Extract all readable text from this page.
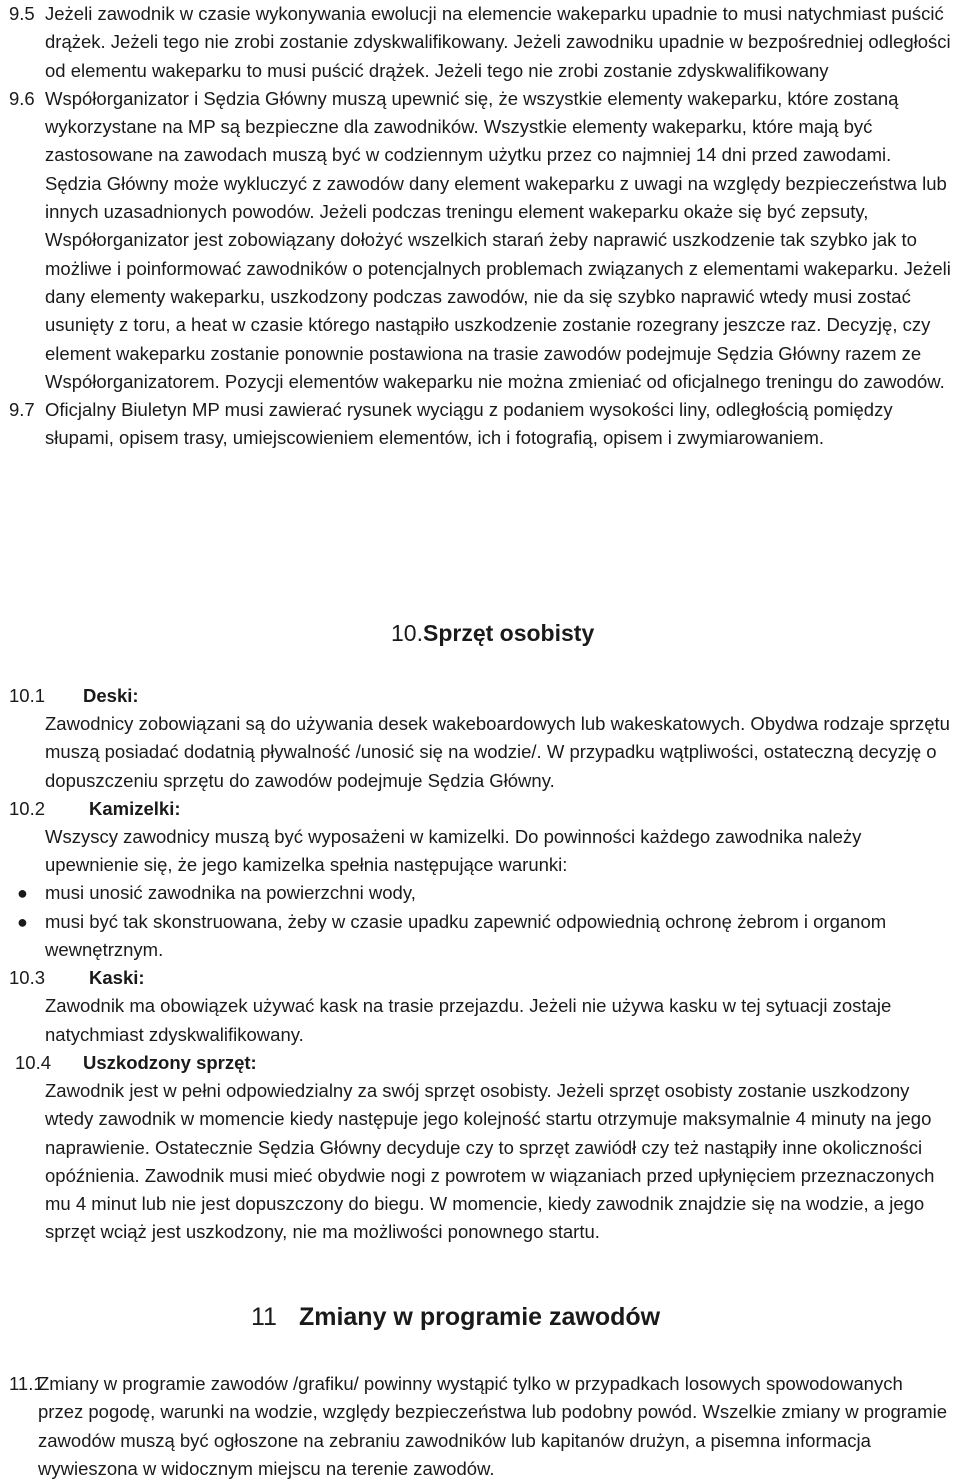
9.5 Jeżeli zawodnik w czasie wykonywania ewolucji na elemencie wakeparku upadnie to musi natychmiast puścić drążek. Jeżeli tego nie zrobi zostanie zdyskwalifikowany. Jeżeli zawodniku upadnie w bezpośredniej odległości od elementu wakeparku to musi puścić drążek. Jeżeli tego nie zrobi zostanie zdyskwalifikowany
9.6 Współorganizator i Sędzia Główny muszą upewnić się, że wszystkie elementy wakeparku, które zostaną wykorzystane na MP są bezpieczne dla zawodników. Wszystkie elementy wakeparku, które mają być zastosowane na zawodach muszą być w codziennym użytku przez co najmniej 14 dni przed zawodami. Sędzia Główny może wykluczyć z zawodów dany element wakeparku z uwagi na względy bezpieczeństwa lub innych uzasadnionych powodów. Jeżeli podczas treningu element wakeparku okaże się być zepsuty, Współorganizator jest zobowiązany dołożyć wszelkich starań żeby naprawić uszkodzenie tak szybko jak to możliwe i poinformować zawodników o potencjalnych problemach związanych z elementami wakeparku. Jeżeli dany elementy wakeparku, uszkodzony podczas zawodów, nie da się szybko naprawić wtedy musi zostać usunięty z toru, a heat w czasie którego nastąpiło uszkodzenie zostanie rozegrany jeszcze raz. Decyzję, czy element wakeparku zostanie ponownie postawiona na trasie zawodów podejmuje Sędzia Główny razem ze Współorganizatorem. Pozycji elementów wakeparku nie można zmieniać od oficjalnego treningu do zawodów.
9.7 Oficjalny Biuletyn MP musi zawierać rysunek wyciągu z podaniem wysokości liny, odległością pomiędzy słupami, opisem trasy, umiejscowieniem elementów, ich i fotografią, opisem i zwymiarowaniem.
10.Sprzęt osobisty
10.1 Deski:
Zawodnicy zobowiązani są do używania desek wakeboardowych lub wakeskatowych. Obydwa rodzaje sprzętu muszą posiadać dodatnią pływalność /unosić się na wodzie/. W przypadku wątpliwości, ostateczną decyzję o dopuszczeniu sprzętu do zawodów podejmuje Sędzia Główny.
10.2 Kamizelki:
Wszyscy zawodnicy muszą być wyposażeni w kamizelki. Do powinności każdego zawodnika należy upewnienie się, że jego kamizelka spełnia następujące warunki:
● musi unosić zawodnika na powierzchni wody,
● musi być tak skonstruowana, żeby w czasie upadku zapewnić odpowiednią ochronę żebrom i organom wewnętrznym.
10.3 Kaski:
Zawodnik ma obowiązek używać kask na trasie przejazdu. Jeżeli nie używa kasku w tej sytuacji zostaje natychmiast zdyskwalifikowany.
10.4 Uszkodzony sprzęt:
Zawodnik jest w pełni odpowiedzialny za swój sprzęt osobisty. Jeżeli sprzęt osobisty zostanie uszkodzony wtedy zawodnik w momencie kiedy następuje jego kolejność startu otrzymuje maksymalnie 4 minuty na jego naprawienie. Ostatecznie Sędzia Główny decyduje czy to sprzęt zawiódł czy też nastąpiły inne okoliczności opóźnienia. Zawodnik musi mieć obydwie nogi z powrotem w wiązaniach przed upłynięciem przeznaczonych mu 4 minut lub nie jest dopuszczony do biegu. W momencie, kiedy zawodnik znajdzie się na wodzie, a jego sprzęt wciąż jest uszkodzony, nie ma możliwości ponownego startu.
11 Zmiany w programie zawodów
11.1
Zmiany w programie zawodów /grafiku/ powinny wystąpić tylko w przypadkach losowych spowodowanych przez pogodę, warunki na wodzie, względy bezpieczeństwa lub podobny powód. Wszelkie zmiany w programie zawodów muszą być ogłoszone na zebraniu zawodników lub kapitanów drużyn, a pisemna informacja wywieszona w widocznym miejscu na terenie zawodów.
